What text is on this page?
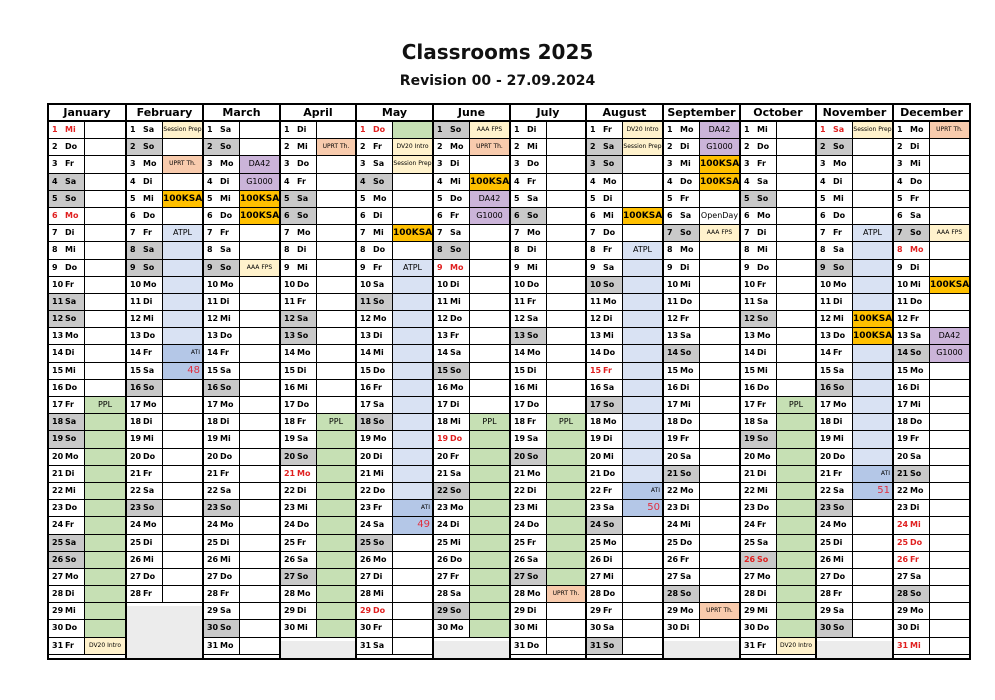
Classrooms 2025
Revision 00 - 27.09.2024
January
1 Mi
2 Do
3 Fr
4 Sa
5 So
6 Mo
7 Di
8 Mi
9 Do
10 Fr
11 Sa
12 So
13 Mo
14 Di
15 Mi
16 Do
17 Fr	PPL
18 Sa
19 So
20 Mo
21 Di
22 Mi
23 Do
24 Fr
25 Sa
26 So
27 Mo
28 Di
29 Mi
30 Do
31 Fr	DV20 Intro
February
1 Sa	Session Prep
2 So
3 Mo	UPRT Th.
4 Di
5 Mi	100KSA
6 Do
7 Fr	ATPL
8 Sa
9 So
10 Mo
11 Di
12 Mi
13 Do
14 Fr	ATI
15 Sa	48
16 So
17 Mo
18 Di
19 Mi
20 Do
21 Fr
22 Sa
23 So
24 Mo
25 Di
26 Mi
27 Do
28 Fr
March
1 Sa
2 So
3 Mo	DA42
4 Di	G1000
5 Mi	100KSA
6 Do 100KSA
7 Fr
8 Sa
9 So	AAA FPS
10 Mo
11 Di
12 Mi
13 Do
14 Fr
15 Sa
16 So
17 Mo
18 Di
19 Mi
20 Do
21 Fr
22 Sa
23 So
24 Mo
25 Di
26 Mi
27 Do
28 Fr
29 Sa
30 So
31 Mo
April
1 Di
2 Mi	UPRT Th.
3 Do
4 Fr
5 Sa
6 So
7 Mo
8 Di
9 Mi
10 Do
11 Fr
12 Sa
13 So
14 Mo
15 Di
16 Mi
17 Do
18 Fr	PPL
19 Sa
20 So
21 Mo
22 Di
23 Mi
24 Do
25 Fr
26 Sa
27 So
28 Mo
29 Di
30 Mi
May
1 Do
2 Fr	DV20 Intro
3 Sa	Session Prep
4 So
5 Mo
6 Di
7 Mi	100KSA
8 Do
9 Fr	ATPL
10 Sa
11 So
12 Mo
13 Di
14 Mi
15 Do
16 Fr
17 Sa
18 So
19 Mo
20 Di
21 Mi
22 Do
23 Fr	ATI
24 Sa	49
25 So
26 Mo
27 Di
28 Mi
29 Do
30 Fr
31 Sa
June
1 So	AAA FPS
2 Mo	UPRT Th.
3 Di
4 Mi	100KSA
5 Do	DA42
6 Fr	G1000
7 Sa
8 So
9 Mo
10 Di
11 Mi
12 Do
13 Fr
14 Sa
15 So
16 Mo
17 Di
18 Mi	PPL
19 Do
20 Fr
21 Sa
22 So
23 Mo
24 Di
25 Mi
26 Do
27 Fr
28 Sa
29 So
30 Mo
July
1 Di
2 Mi
3 Do
4 Fr
5 Sa
6 So
7 Mo
8 Di
9 Mi
10 Do
11 Fr
12 Sa
13 So
14 Mo
15 Di
16 Mi
17 Do
18 Fr	PPL
19 Sa
20 So
21 Mo
22 Di
23 Mi
24 Do
25 Fr
26 Sa
27 So
28 Mo	UPRT Th.
29 Di
30 Mi
31 Do
August
1 Fr	DV20 Intro
2 Sa	Session Prep
3 So
4 Mo
5 Di
6 Mi	100KSA
7 Do
8 Fr	ATPL
9 Sa
10 So
11 Mo
12 Di
13 Mi
14 Do
15 Fr
16 Sa
17 So
18 Mo
19 Di
20 Mi
21 Do
22 Fr	ATI
23 Sa	50
24 So
25 Mo
26 Di
27 Mi
28 Do
29 Fr
30 Sa
31 So
September
1 Mo	DA42
2 Di	G1000
3 Mi	100KSA
4 Do 100KSA
5 Fr
6 Sa	OpenDay
7 So	AAA FPS
8 Mo
9 Di
10 Mi
11 Do
12 Fr
13 Sa
14 So
15 Mo
16 Di
17 Mi
18 Do
19 Fr
20 Sa
21 So
22 Mo
23 Di
24 Mi
25 Do
26 Fr
27 Sa
28 So
29 Mo	UPRT Th.
30 Di
October
1 Mi
2 Do
3 Fr
4 Sa
5 So
6 Mo
7 Di
8 Mi
9 Do
10 Fr
11 Sa
12 So
13 Mo
14 Di
15 Mi
16 Do
17 Fr	PPL
18 Sa
19 So
20 Mo
21 Di
22 Mi
23 Do
24 Fr
25 Sa
26 So
27 Mo
28 Di
29 Mi
30 Do
31 Fr	DV20 Intro
November
1 Sa	Session Prep
2 So
3 Mo
4 Di
5 Mi
6 Do
7 Fr	ATPL
8 Sa
9 So
10 Mo
11 Di
12 Mi	100KSA
13 Do 100KSA
14 Fr
15 Sa
16 So
17 Mo
18 Di
19 Mi
20 Do
21 Fr	ATI
22 Sa	51
23 So
24 Mo
25 Di
26 Mi
27 Do
28 Fr
29 Sa
30 So
December
1 Mo	UPRT Th.
2 Di
3 Mi
4 Do
5 Fr
6 Sa
7 So	AAA FPS
8 Mo
9 Di
10 Mi	100KSA
11 Do
12 Fr
13 Sa	DA42
14 So	G1000
15 Mo
16 Di
17 Mi
18 Do
19 Fr
20 Sa
21 So
22 Mo
23 Di
24 Mi
25 Do
26 Fr
27 Sa
28 So
29 Mo
30 Di
31 Mi
